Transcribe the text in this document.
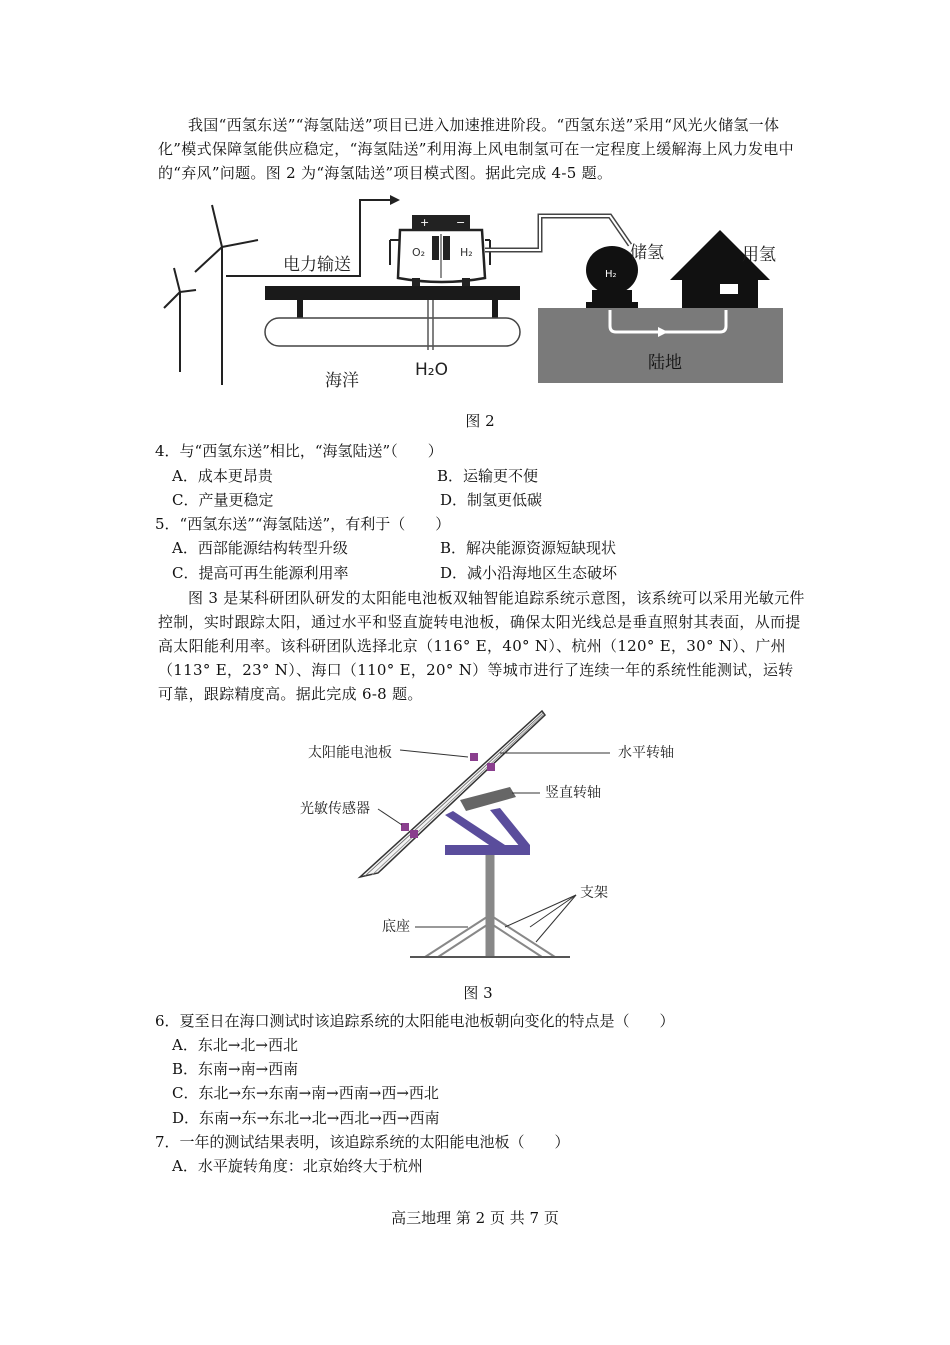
我国“西氢东送”“海氢陆送”项目已进入加速推进阶段。“西氢东送”采用“风光火储氢一体化”模式保障氢能供应稳定，“海氢陆送”利用海上风电制氢可在一定程度上缓解海上风力发电中的“弃风”问题。图 2 为“海氢陆送”项目模式图。据此完成 4-5 题。
电力输送
+ −
O₂	H₂
H₂
储氢	用氢
陆地
海洋
H₂O
图 2
4．与“西氢东送”相比，“海氢陆送”（　　）
A．成本更昂贵	B．运输更不便
C．产量更稳定	D．制氢更低碳
5．“西氢东送”“海氢陆送”，有利于（　　）
A．西部能源结构转型升级	B．解决能源资源短缺现状
C．提高可再生能源利用率	D．减小沿海地区生态破坏
图 3 是某科研团队研发的太阳能电池板双轴智能追踪系统示意图，该系统可以采用光敏元件控制，实时跟踪太阳，通过水平和竖直旋转电池板，确保太阳光线总是垂直照射其表面，从而提高太阳能利用率。该科研团队选择北京（116° E，40° N）、杭州（120° E，30° N）、广州（113° E，23° N）、海口（110° E，20° N）等城市进行了连续一年的系统性能测试，运转可靠，跟踪精度高。据此完成 6-8 题。
太阳能电池板	水平转轴
竖直转轴
光敏传感器
支架
底座
图 3
6．夏至日在海口测试时该追踪系统的太阳能电池板朝向变化的特点是（　　）
A．东北→北→西北
B．东南→南→西南
C．东北→东→东南→南→西南→西→西北
D．东南→东→东北→北→西北→西→西南
7．一年的测试结果表明，该追踪系统的太阳能电池板（　　）
A．水平旋转角度：北京始终大于杭州
高三地理 第 2 页 共 7 页
